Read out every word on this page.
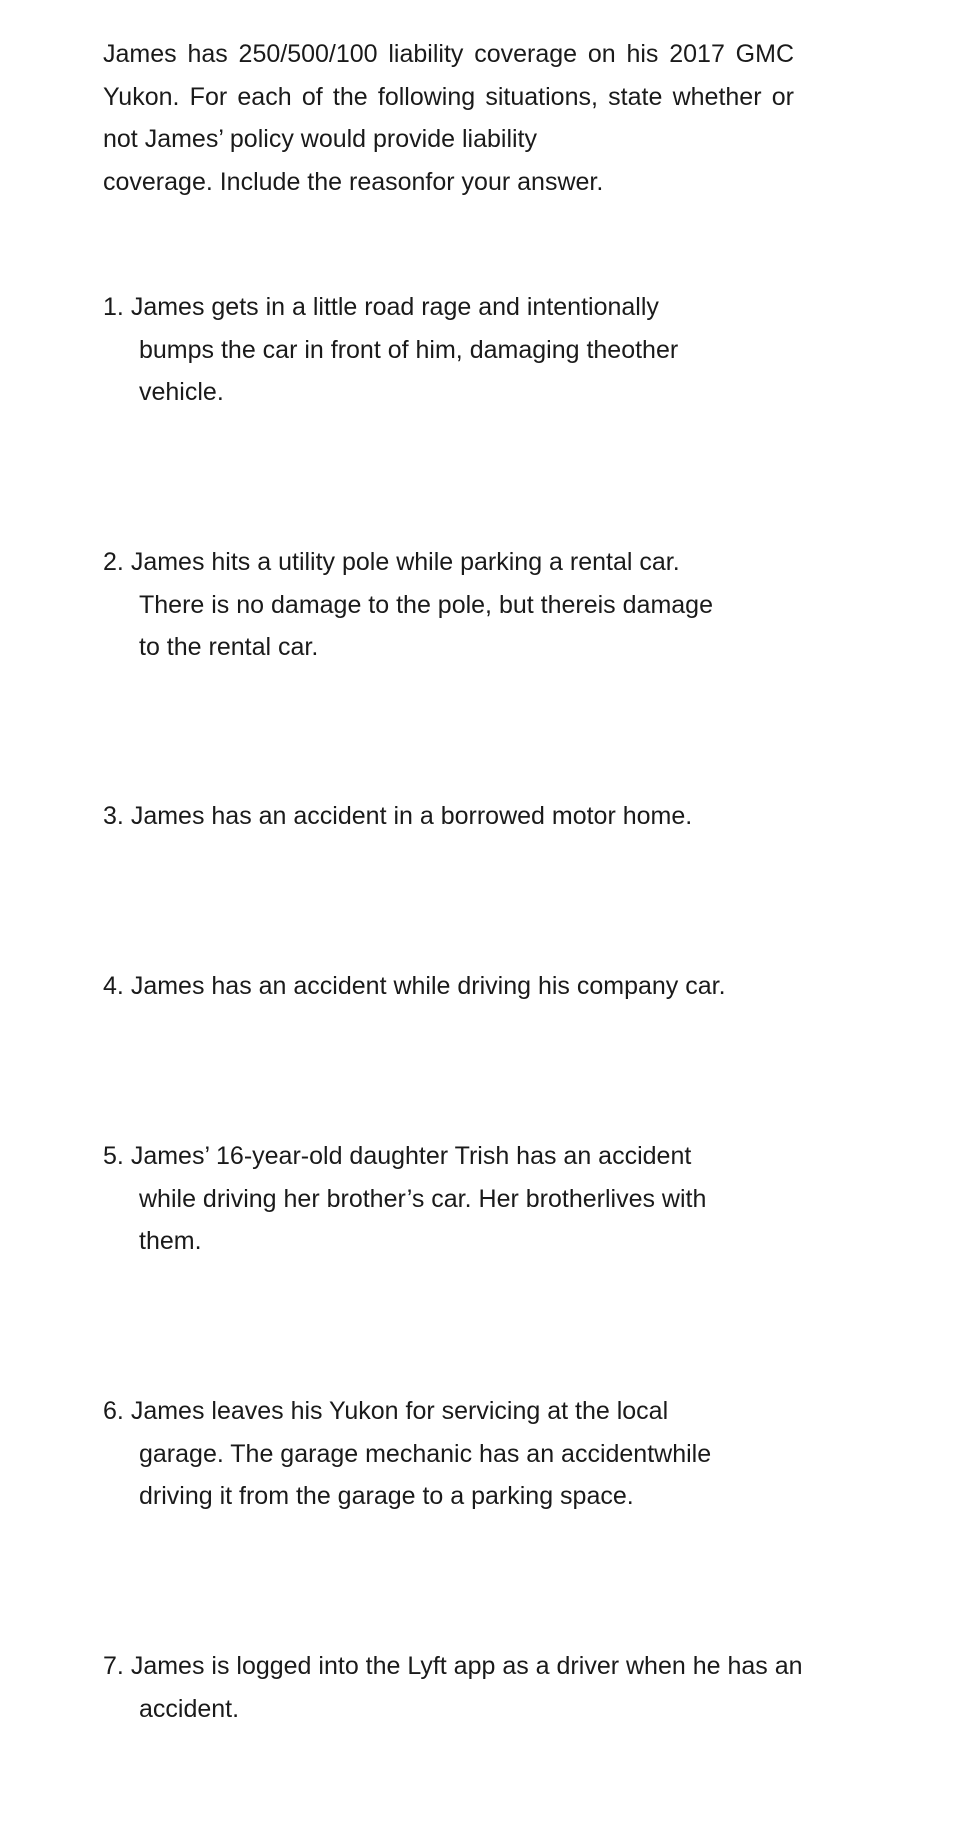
James has 250/500/100 liability coverage on his 2017 GMC Yukon. For each of the following situations, state whether or not James’ policy would provide liability
coverage. Include the reasonfor your answer.

1. James gets in a little road rage and intentionally
bumps the car in front of him, damaging theother
vehicle.
2. James hits a utility pole while parking a rental car.
There is no damage to the pole, but thereis damage
to the rental car.
3. James has an accident in a borrowed motor home.
4. James has an accident while driving his company car.
5. James’ 16-year-old daughter Trish has an accident
while driving her brother’s car. Her brotherlives with
them.
6. James leaves his Yukon for servicing at the local
garage. The garage mechanic has an accidentwhile
driving it from the garage to a parking space.
7. James is logged into the Lyft app as a driver when he has an
accident.
